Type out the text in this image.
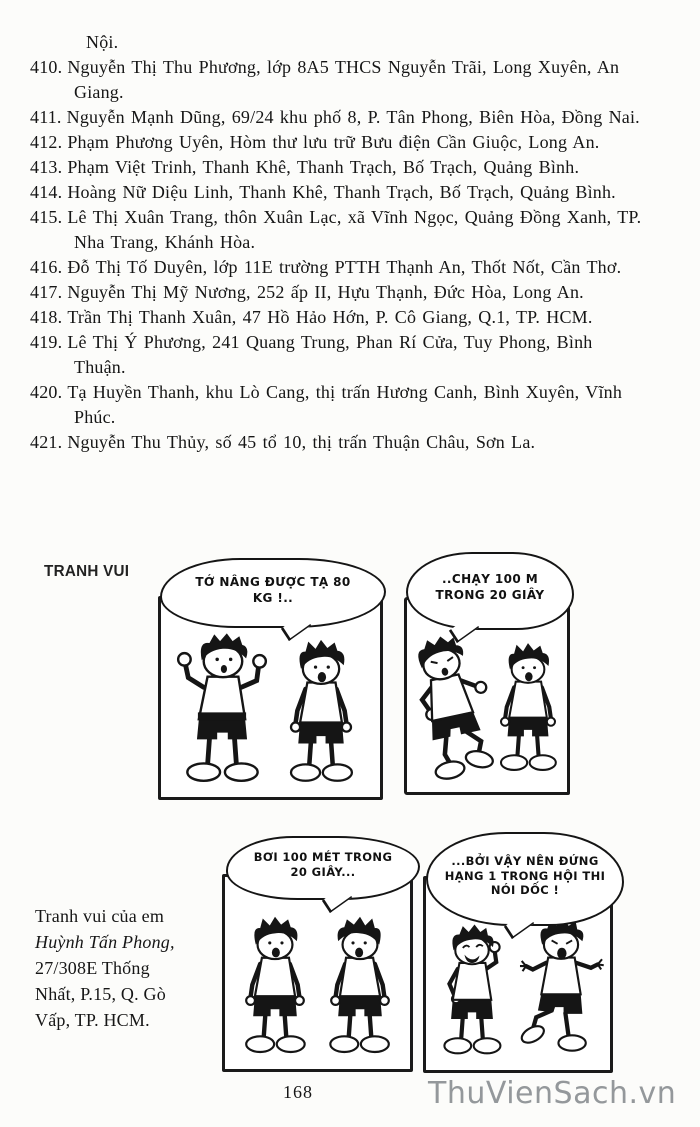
Nội.
410. Nguyễn Thị Thu Phương, lớp 8A5 THCS Nguyễn Trãi, Long Xuyên, An Giang.
411. Nguyễn Mạnh Dũng, 69/24 khu phố 8, P. Tân Phong, Biên Hòa, Đồng Nai.
412. Phạm Phương Uyên, Hòm thư lưu trữ Bưu điện Cần Giuộc, Long An.
413. Phạm Việt Trinh, Thanh Khê, Thanh Trạch, Bố Trạch, Quảng Bình.
414. Hoàng Nữ Diệu Linh, Thanh Khê, Thanh Trạch, Bố Trạch, Quảng Bình.
415. Lê Thị Xuân Trang, thôn Xuân Lạc, xã Vĩnh Ngọc, Quảng Đồng Xanh, TP. Nha Trang, Khánh Hòa.
416. Đỗ Thị Tố Duyên, lớp 11E trường PTTH Thạnh An, Thốt Nốt, Cần Thơ.
417. Nguyễn Thị Mỹ Nương, 252 ấp II, Hựu Thạnh, Đức Hòa, Long An.
418. Trần Thị Thanh Xuân, 47 Hồ Hảo Hớn, P. Cô Giang, Q.1, TP. HCM.
419. Lê Thị Ý Phương, 241 Quang Trung, Phan Rí Cửa, Tuy Phong, Bình Thuận.
420. Tạ Huyền Thanh, khu Lò Cang, thị trấn Hương Canh, Bình Xuyên, Vĩnh Phúc.
421. Nguyễn Thu Thủy, số 45 tổ 10, thị trấn Thuận Châu, Sơn La.
TRANH VUI
TỚ NÂNG ĐƯỢC TẠ 80 KG !..
..CHẠY 100 M TRONG 20 GIÂY
BƠI 100 MÉT TRONG 20 GIÂY...
...BỞI VẬY NÊN ĐỨNG HẠNG 1 TRONG HỘI THI NÓI DỐC !
Tranh vui của em
Huỳnh Tấn Phong,
27/308E Thống
Nhất, P.15, Q. Gò
Vấp, TP. HCM.
168	ThuVienSach.vn
